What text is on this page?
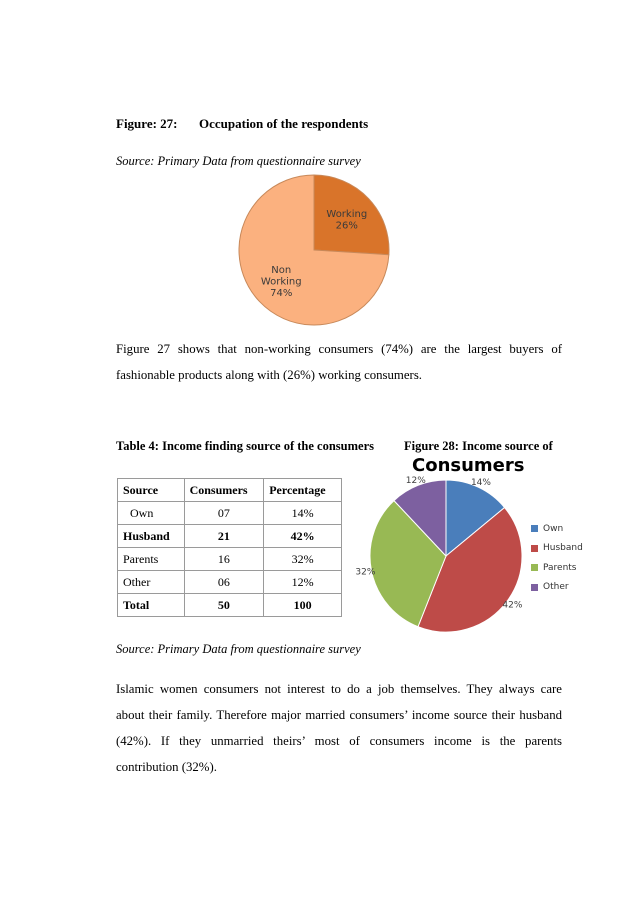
Figure: 27: Occupation of the respondents
Source: Primary Data from questionnaire survey
Working 26%
Non Working 74%
Figure 27 shows that non-working consumers (74%) are the largest buyers of
fashionable products along with (26%) working consumers.
Table 4: Income finding source of the consumers Figure 28: Income source of
Consumers
Source	Consumers	Percentage
Own	07	14%
Husband	21	42%
Parents	16	32%
Other	06	12%
Total	50	100
14%
42%
32%
12%
Own
Husband
Parents
Other
Source: Primary Data from questionnaire survey
Islamic women consumers not interest to do a job themselves. They always care
about their family. Therefore major married consumers’ income source their husband
(42%). If they unmarried theirs’ most of consumers income is the parents
contribution (32%).
